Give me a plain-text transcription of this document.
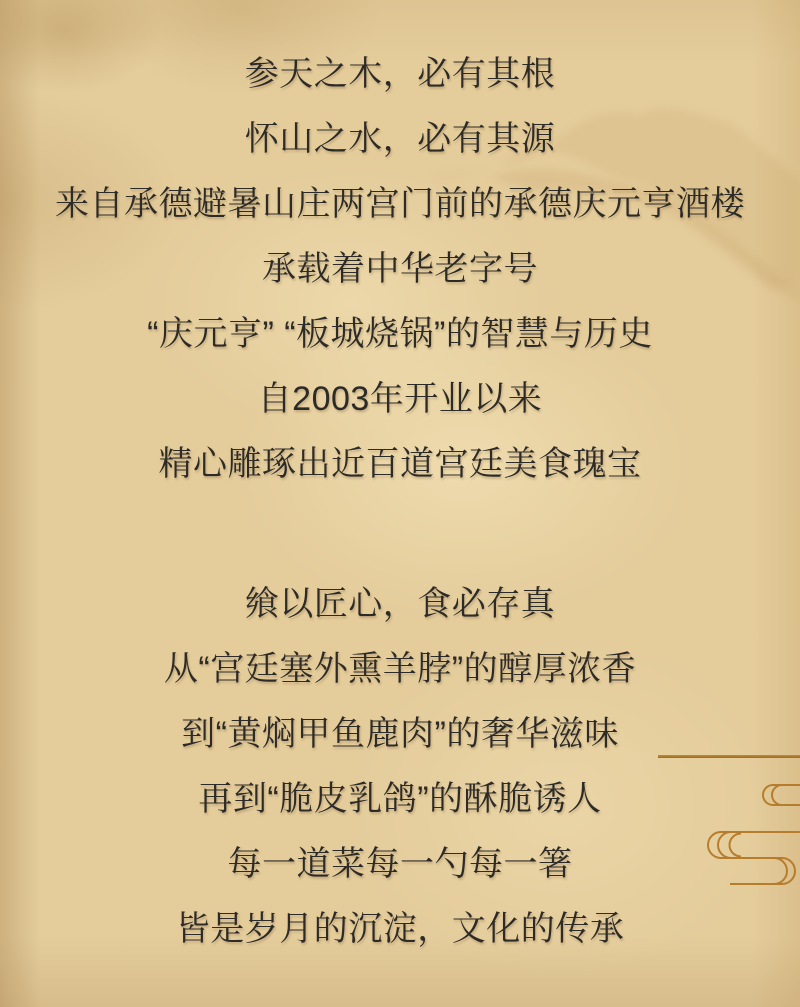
参天之木，必有其根
怀山之水，必有其源
来自承德避暑山庄两宫门前的承德庆元亨酒楼
承载着中华老字号
“庆元亨” “板城烧锅”的智慧与历史
自2003年开业以来
精心雕琢出近百道宫廷美食瑰宝
飨以匠心，食必存真
从“宫廷塞外熏羊脖”的醇厚浓香
到“黄焖甲鱼鹿肉”的奢华滋味
再到“脆皮乳鸽”的酥脆诱人
每一道菜每一勺每一箸
皆是岁月的沉淀，文化的传承
